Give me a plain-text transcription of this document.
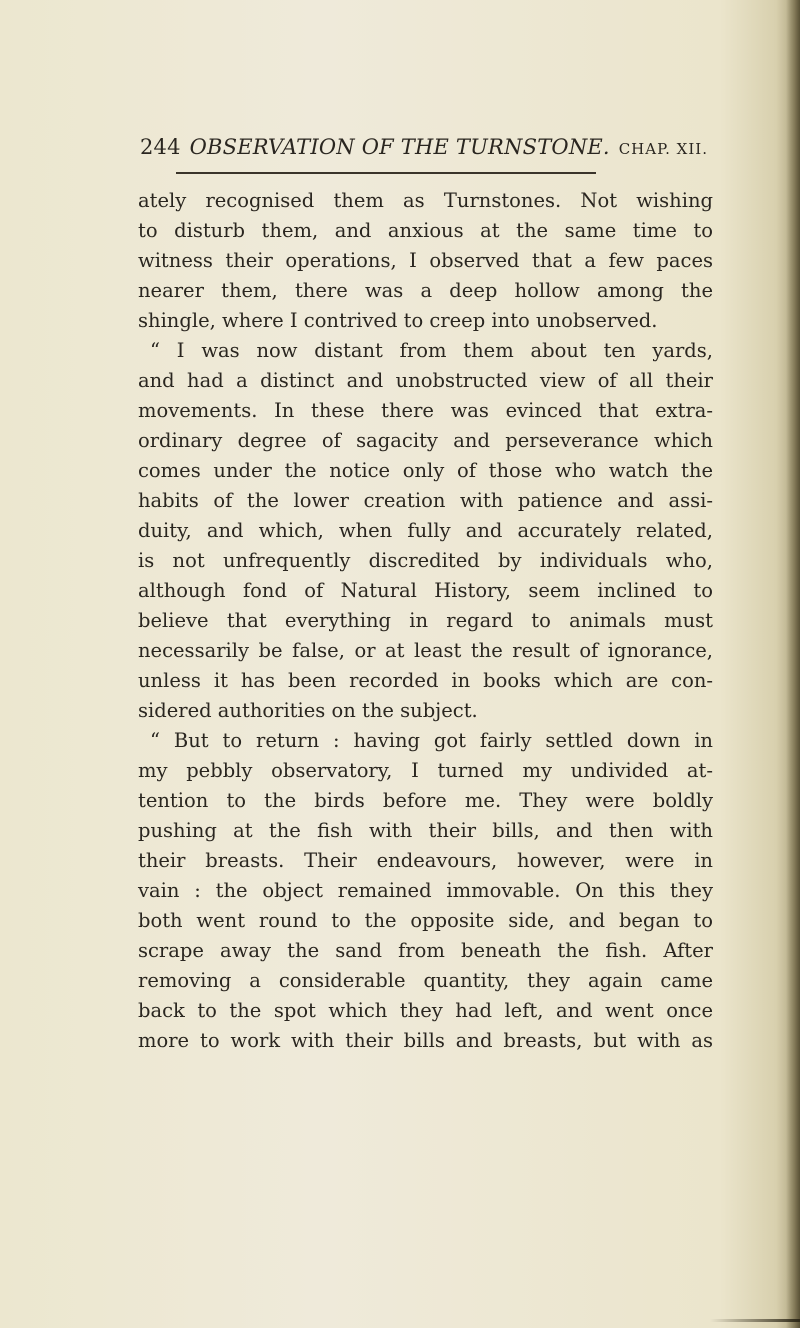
244 OBSERVATION OF THE TURNSTONE. CHAP. XII.
ately recognised them as Turnstones. Not wishing
to disturb them, and anxious at the same time to
witness their operations, I observed that a few paces
nearer them, there was a deep hollow among the
shingle, where I contrived to creep into unobserved.
“ I was now distant from them about ten yards,
and had a distinct and unobstructed view of all their
movements. In these there was evinced that extra-
ordinary degree of sagacity and perseverance which
comes under the notice only of those who watch the
habits of the lower creation with patience and assi-
duity, and which, when fully and accurately related,
is not unfrequently discredited by individuals who,
although fond of Natural History, seem inclined to
believe that everything in regard to animals must
necessarily be false, or at least the result of ignorance,
unless it has been recorded in books which are con-
sidered authorities on the subject.
“ But to return : having got fairly settled down in
my pebbly observatory, I turned my undivided at-
tention to the birds before me. They were boldly
pushing at the fish with their bills, and then with
their breasts. Their endeavours, however, were in
vain : the object remained immovable. On this they
both went round to the opposite side, and began to
scrape away the sand from beneath the fish. After
removing a considerable quantity, they again came
back to the spot which they had left, and went once
more to work with their bills and breasts, but with as
